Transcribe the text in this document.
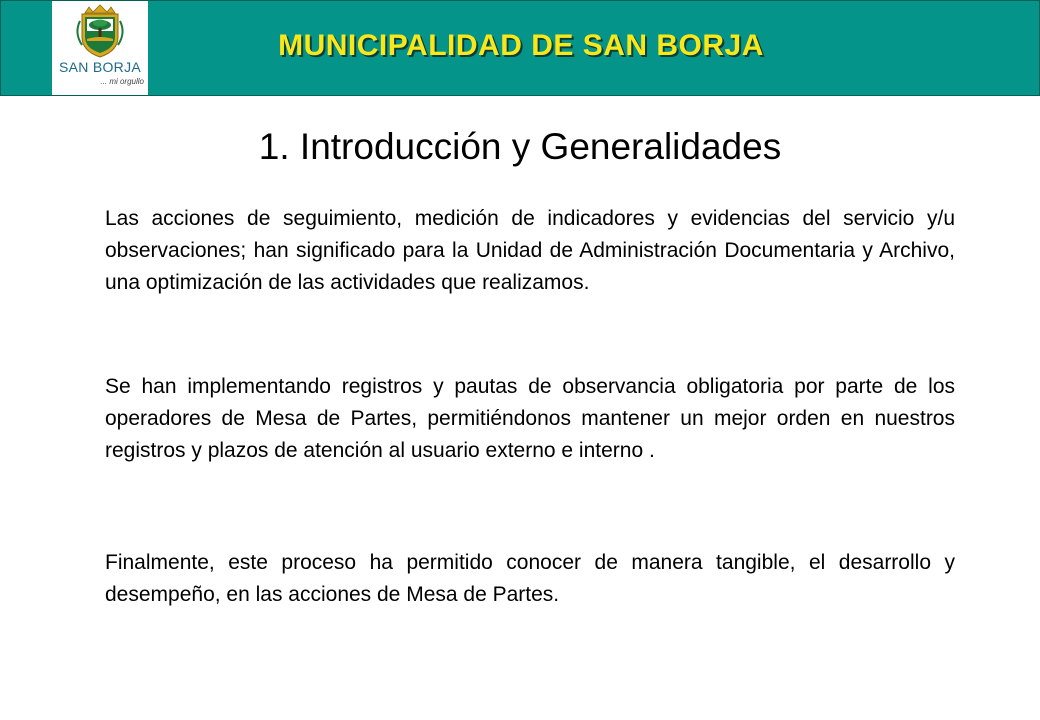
SAN BORJA
... mi orgullo
MUNICIPALIDAD DE SAN BORJA
1. Introducción y Generalidades

Las acciones de seguimiento, medición de indicadores y evidencias del servicio y/u observaciones; han significado para la Unidad de Administración Documentaria y Archivo, una optimización de las actividades que realizamos.

Se han implementando registros y pautas de observancia obligatoria por parte de los operadores de Mesa de Partes, permitiéndonos mantener un mejor orden en nuestros registros y plazos de atención al usuario externo e interno .

Finalmente, este proceso ha permitido conocer de manera tangible, el desarrollo y desempeño, en las acciones de Mesa de Partes.
